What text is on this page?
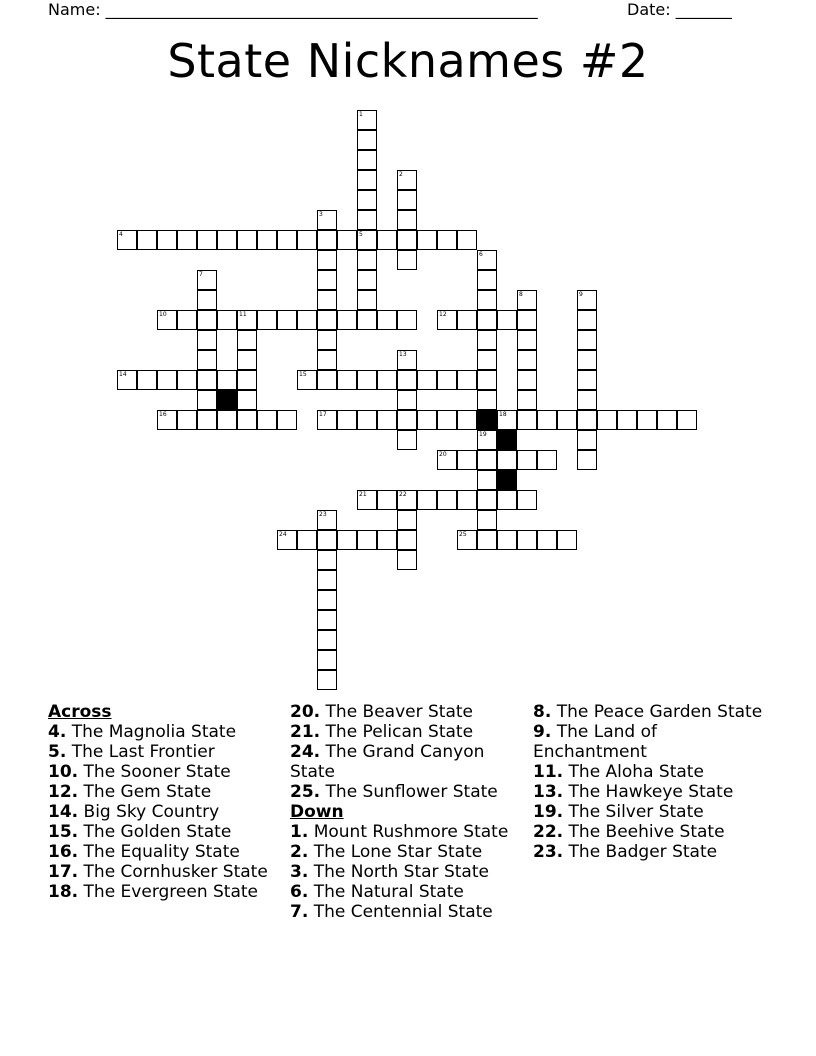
Name: ______________________________________________________	Date: _______
State Nicknames #2
4	5
10	11	12
14	15
16	17	18
20
21	22
24	25
1
2
3
6
19
7
8	9
13
23

Across

4. The Magnolia State

5. The Last Frontier

10. The Sooner State

12. The Gem State

14. Big Sky Country

15. The Golden State

16. The Equality State

17. The Cornhusker State

18. The Evergreen State

20. The Beaver State

21. The Pelican State

24. The Grand Canyon State

25. The Sunflower State

Down

1. Mount Rushmore State

2. The Lone Star State

3. The North Star State

6. The Natural State

7. The Centennial State

8. The Peace Garden State

9. The Land of Enchantment

11. The Aloha State

13. The Hawkeye State

19. The Silver State

22. The Beehive State

23. The Badger State
